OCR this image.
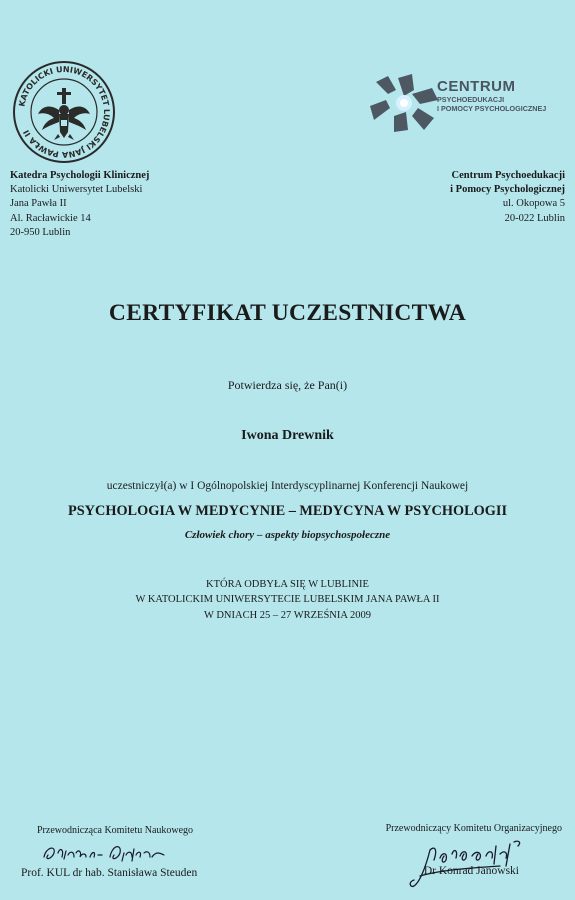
KATOLICKI UNIWERSYTET LUBELSKI JANA PAWŁA II
CENTRUM
PSYCHOEDUKACJI
I POMOCY PSYCHOLOGICZNEJ
Katedra Psychologii Klinicznej
Katolicki Uniwersytet Lubelski
Jana Pawła II
Al. Racławickie 14
20-950 Lublin
Centrum Psychoedukacji
i Pomocy Psychologicznej
ul. Okopowa 5
20-022 Lublin
CERTYFIKAT UCZESTNICTWA
Potwierdza się, że Pan(i)
Iwona Drewnik
uczestniczył(a) w I Ogólnopolskiej Interdyscyplinarnej Konferencji Naukowej
PSYCHOLOGIA W MEDYCYNIE – MEDYCYNA W PSYCHOLOGII
Człowiek chory – aspekty biopsychospołeczne
KTÓRA ODBYŁA SIĘ W LUBLINIE
W KATOLICKIM UNIWERSYTECIE LUBELSKIM JANA PAWŁA II
W DNIACH 25 – 27 WRZEŚNIA 2009
Przewodnicząca Komitetu Naukowego
Prof. KUL dr hab. Stanisława Steuden
Przewodniczący Komitetu Organizacyjnego
Dr Konrad Janowski
